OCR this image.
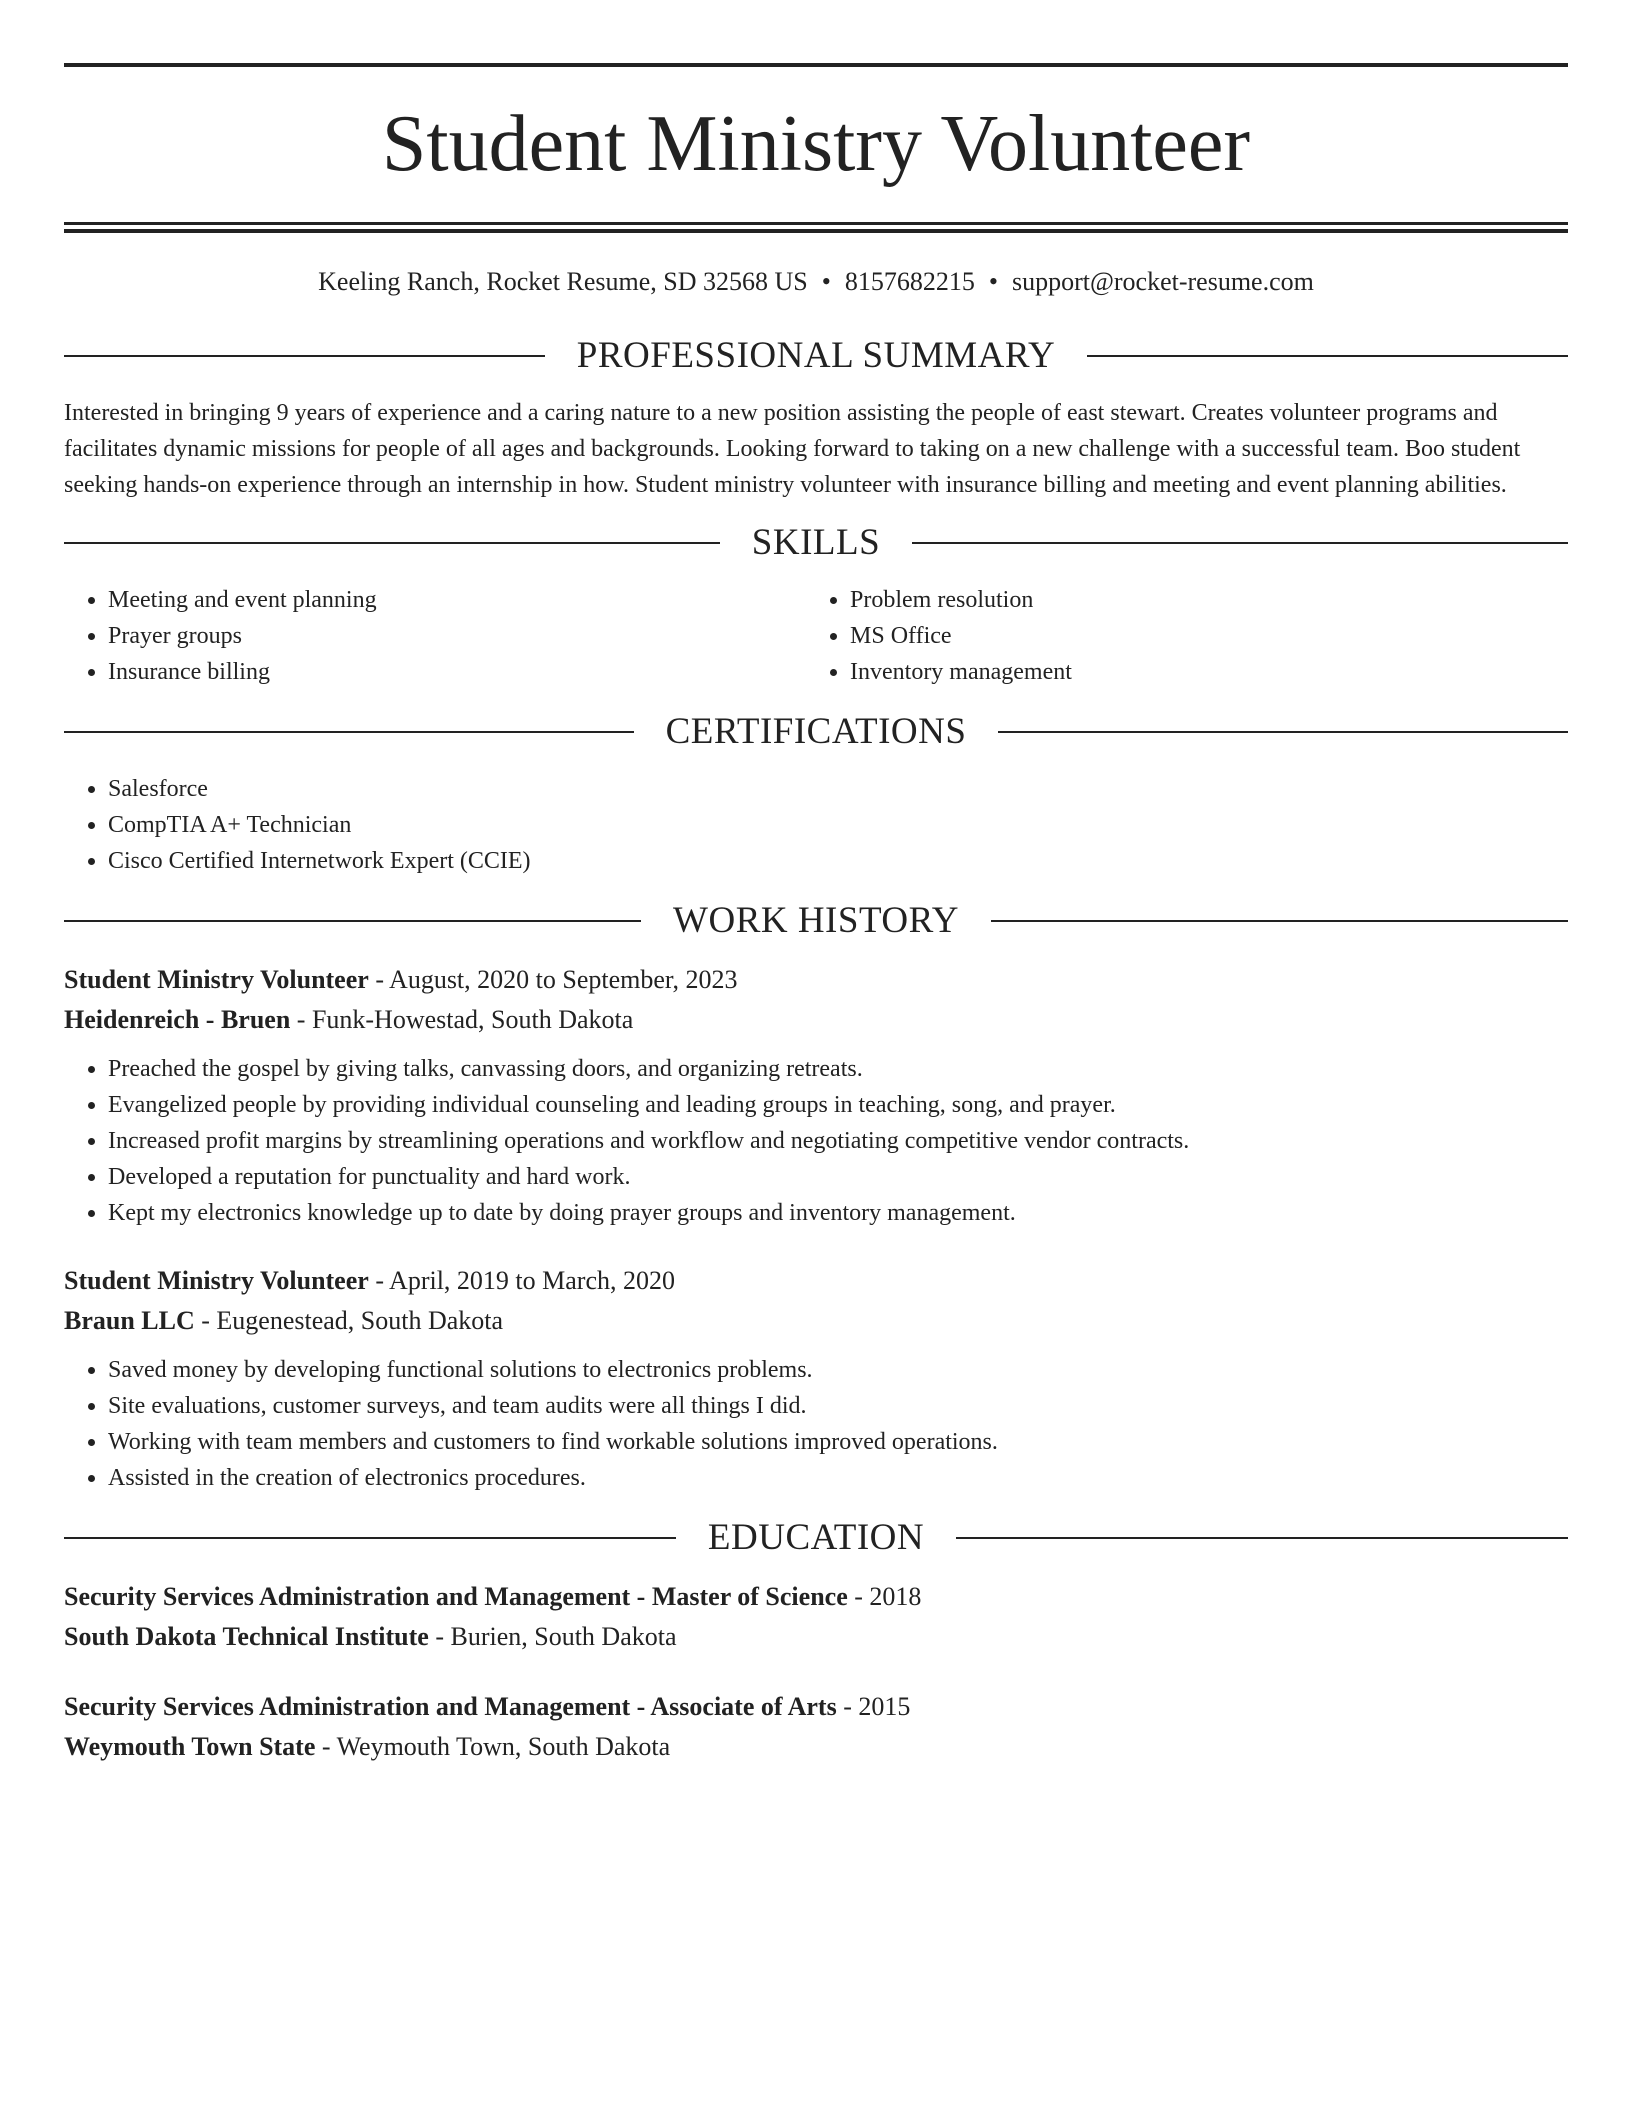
Student Ministry Volunteer
Keeling Ranch, Rocket Resume, SD 32568 US • 8157682215 • support@rocket-resume.com
PROFESSIONAL SUMMARY

Interested in bringing 9 years of experience and a caring nature to a new position assisting the people of east stewart. Creates volunteer programs and facilitates dynamic missions for people of all ages and backgrounds. Looking forward to taking on a new challenge with a successful team. Boo student seeking hands-on experience through an internship in how. Student ministry volunteer with insurance billing and meeting and event planning abilities.

SKILLS
• Meeting and event planning
• Prayer groups
• Insurance billing
• Problem resolution
• MS Office
• Inventory management
CERTIFICATIONS
• Salesforce
• CompTIA A+ Technician
• Cisco Certified Internetwork Expert (CCIE)
WORK HISTORY
Student Ministry Volunteer - August, 2020 to September, 2023
Heidenreich - Bruen - Funk-Howestad, South Dakota
• Preached the gospel by giving talks, canvassing doors, and organizing retreats.
• Evangelized people by providing individual counseling and leading groups in teaching, song, and prayer.
• Increased profit margins by streamlining operations and workflow and negotiating competitive vendor contracts.
• Developed a reputation for punctuality and hard work.
• Kept my electronics knowledge up to date by doing prayer groups and inventory management.
Student Ministry Volunteer - April, 2019 to March, 2020
Braun LLC - Eugenestead, South Dakota
• Saved money by developing functional solutions to electronics problems.
• Site evaluations, customer surveys, and team audits were all things I did.
• Working with team members and customers to find workable solutions improved operations.
• Assisted in the creation of electronics procedures.
EDUCATION
Security Services Administration and Management - Master of Science - 2018
South Dakota Technical Institute - Burien, South Dakota
Security Services Administration and Management - Associate of Arts - 2015
Weymouth Town State - Weymouth Town, South Dakota
